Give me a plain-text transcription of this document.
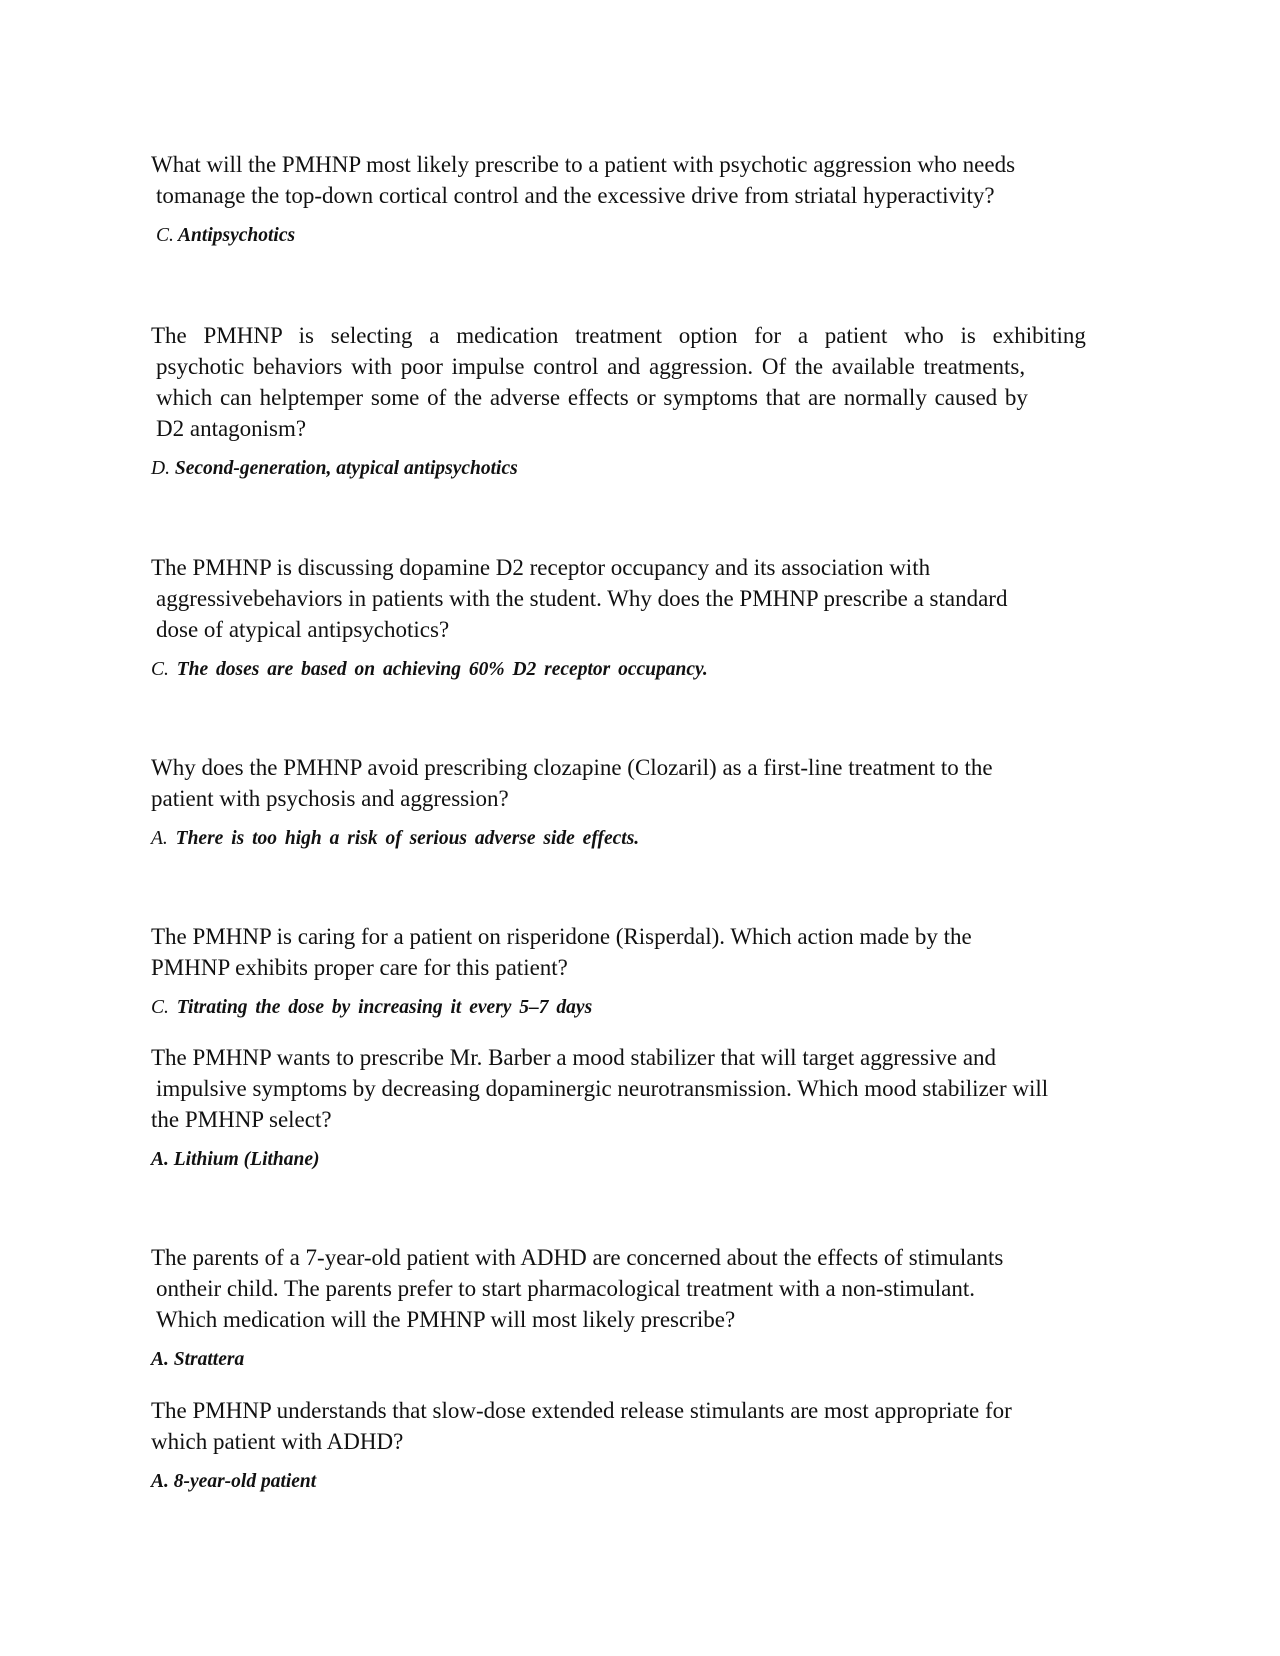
What will the PMHNP most likely prescribe to a patient with psychotic aggression who needs
tomanage the top-down cortical control and the excessive drive from striatal hyperactivity?

C. Antipsychotics

The PMHNP is selecting a medication treatment option for a patient who is exhibiting
psychotic behaviors with poor impulse control and aggression. Of the available treatments,
which can helptemper some of the adverse effects or symptoms that are normally caused by
D2 antagonism?

D. Second-generation, atypical antipsychotics

The PMHNP is discussing dopamine D2 receptor occupancy and its association with
aggressivebehaviors in patients with the student. Why does the PMHNP prescribe a standard
dose of atypical antipsychotics?

C. The doses are based on achieving 60% D2 receptor occupancy.

Why does the PMHNP avoid prescribing clozapine (Clozaril) as a first-line treatment to the
patient with psychosis and aggression?

A. There is too high a risk of serious adverse side effects.

The PMHNP is caring for a patient on risperidone (Risperdal). Which action made by the
PMHNP exhibits proper care for this patient?

C. Titrating the dose by increasing it every 5–7 days

The PMHNP wants to prescribe Mr. Barber a mood stabilizer that will target aggressive and
impulsive symptoms by decreasing dopaminergic neurotransmission. Which mood stabilizer will
the PMHNP select?

A. Lithium (Lithane)

The parents of a 7-year-old patient with ADHD are concerned about the effects of stimulants
ontheir child. The parents prefer to start pharmacological treatment with a non-stimulant.
Which medication will the PMHNP will most likely prescribe?

A. Strattera

The PMHNP understands that slow-dose extended release stimulants are most appropriate for
which patient with ADHD?

A. 8-year-old patient
